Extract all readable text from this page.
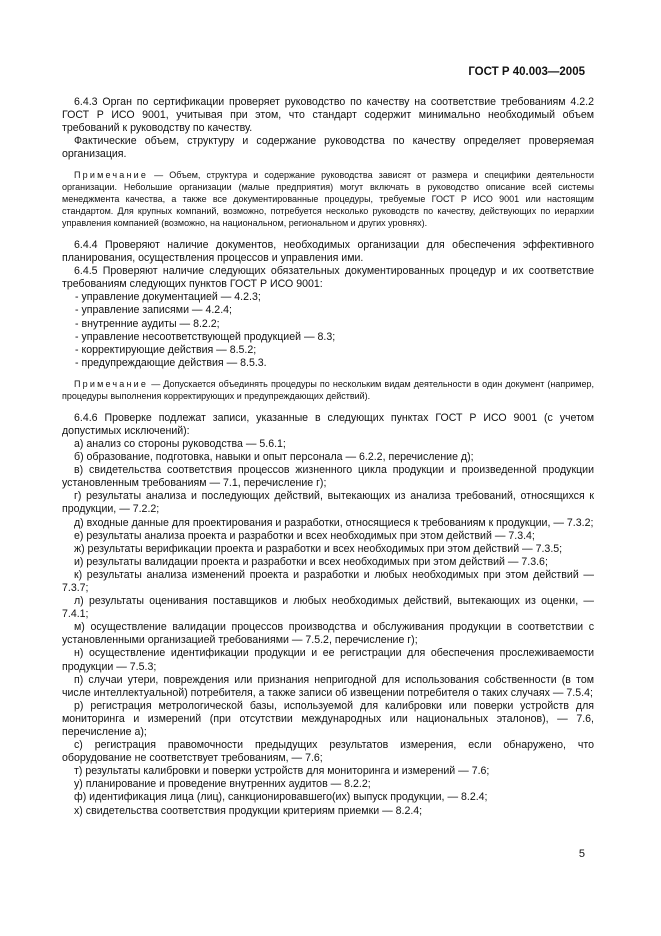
ГОСТ Р 40.003—2005

6.4.3 Орган по сертификации проверяет руководство по качеству на соответствие требованиям 4.2.2 ГОСТ Р ИСО 9001, учитывая при этом, что стандарт содержит минимально необходимый объем требований к руководству по качеству.

Фактические объем, структуру и содержание руководства по качеству определяет проверяемая организация.

Примечание — Объем, структура и содержание руководства зависят от размера и специфики деятельности организации. Небольшие организации (малые предприятия) могут включать в руководство описание всей системы менеджмента качества, а также все документированные процедуры, требуемые ГОСТ Р ИСО 9001 или настоящим стандартом. Для крупных компаний, возможно, потребуется несколько руководств по качеству, действующих по иерархии управления компанией (возможно, на национальном, региональном и других уровнях).

6.4.4 Проверяют наличие документов, необходимых организации для обеспечения эффективного планирования, осуществления процессов и управления ими.

6.4.5 Проверяют наличие следующих обязательных документированных процедур и их соответствие требованиям следующих пунктов ГОСТ Р ИСО 9001:

- управление документацией — 4.2.3;

- управление записями — 4.2.4;

- внутренние аудиты — 8.2.2;

- управление несоответствующей продукцией — 8.3;

- корректирующие действия — 8.5.2;

- предупреждающие действия — 8.5.3.

Примечание — Допускается объединять процедуры по нескольким видам деятельности в один документ (например, процедуры выполнения корректирующих и предупреждающих действий).

6.4.6 Проверке подлежат записи, указанные в следующих пунктах ГОСТ Р ИСО 9001 (с учетом допустимых исключений):

а) анализ со стороны руководства — 5.6.1;

б) образование, подготовка, навыки и опыт персонала — 6.2.2, перечисление д);

в) свидетельства соответствия процессов жизненного цикла продукции и произведенной продукции установленным требованиям — 7.1, перечисление г);

г) результаты анализа и последующих действий, вытекающих из анализа требований, относящихся к продукции, — 7.2.2;

д) входные данные для проектирования и разработки, относящиеся к требованиям к продукции, — 7.3.2;

е) результаты анализа проекта и разработки и всех необходимых при этом действий — 7.3.4;

ж) результаты верификации проекта и разработки и всех необходимых при этом действий — 7.3.5;

и) результаты валидации проекта и разработки и всех необходимых при этом действий — 7.3.6;

к) результаты анализа изменений проекта и разработки и любых необходимых при этом действий — 7.3.7;

л) результаты оценивания поставщиков и любых необходимых действий, вытекающих из оценки, — 7.4.1;

м) осуществление валидации процессов производства и обслуживания продукции в соответствии с установленными организацией требованиями — 7.5.2, перечисление г);

н) осуществление идентификации продукции и ее регистрации для обеспечения прослеживаемости продукции — 7.5.3;

п) случаи утери, повреждения или признания непригодной для использования собственности (в том числе интеллектуальной) потребителя, а также записи об извещении потребителя о таких случаях — 7.5.4;

р) регистрация метрологической базы, используемой для калибровки или поверки устройств для мониторинга и измерений (при отсутствии международных или национальных эталонов), — 7.6, перечисление а);

с) регистрация правомочности предыдущих результатов измерения, если обнаружено, что оборудование не соответствует требованиям, — 7.6;

т) результаты калибровки и поверки устройств для мониторинга и измерений — 7.6;

у) планирование и проведение внутренних аудитов — 8.2.2;

ф) идентификация лица (лиц), санкционировавшего(их) выпуск продукции, — 8.2.4;

х) свидетельства соответствия продукции критериям приемки — 8.2.4;

5
